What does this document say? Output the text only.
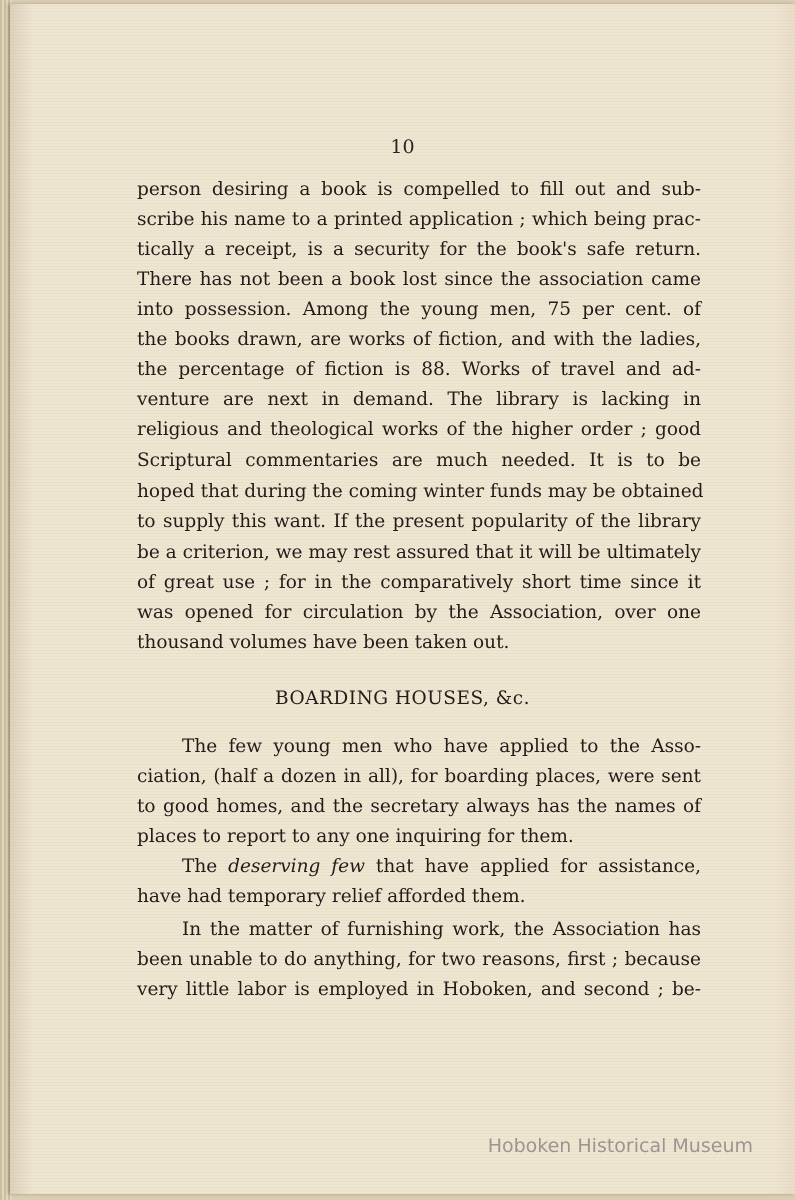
10
person desiring a book is compelled to fill out and sub-
scribe his name to a printed application ; which being prac-
tically a receipt, is a security for the book's safe return.
There has not been a book lost since the association came
into possession. Among the young men, 75 per cent. of
the books drawn, are works of fiction, and with the ladies,
the percentage of fiction is 88. Works of travel and ad-
venture are next in demand. The library is lacking in
religious and theological works of the higher order ; good
Scriptural commentaries are much needed. It is to be
hoped that during the coming winter funds may be obtained
to supply this want. If the present popularity of the library
be a criterion, we may rest assured that it will be ultimately
of great use ; for in the comparatively short time since it
was opened for circulation by the Association, over one
thousand volumes have been taken out.
BOARDING HOUSES, &c.
The few young men who have applied to the Asso-
ciation, (half a dozen in all), for boarding places, were sent
to good homes, and the secretary always has the names of
places to report to any one inquiring for them.
The deserving few that have applied for assistance,
have had temporary relief afforded them.
In the matter of furnishing work, the Association has
been unable to do anything, for two reasons, first ; because
very little labor is employed in Hoboken, and second ; be-
Hoboken Historical Museum
